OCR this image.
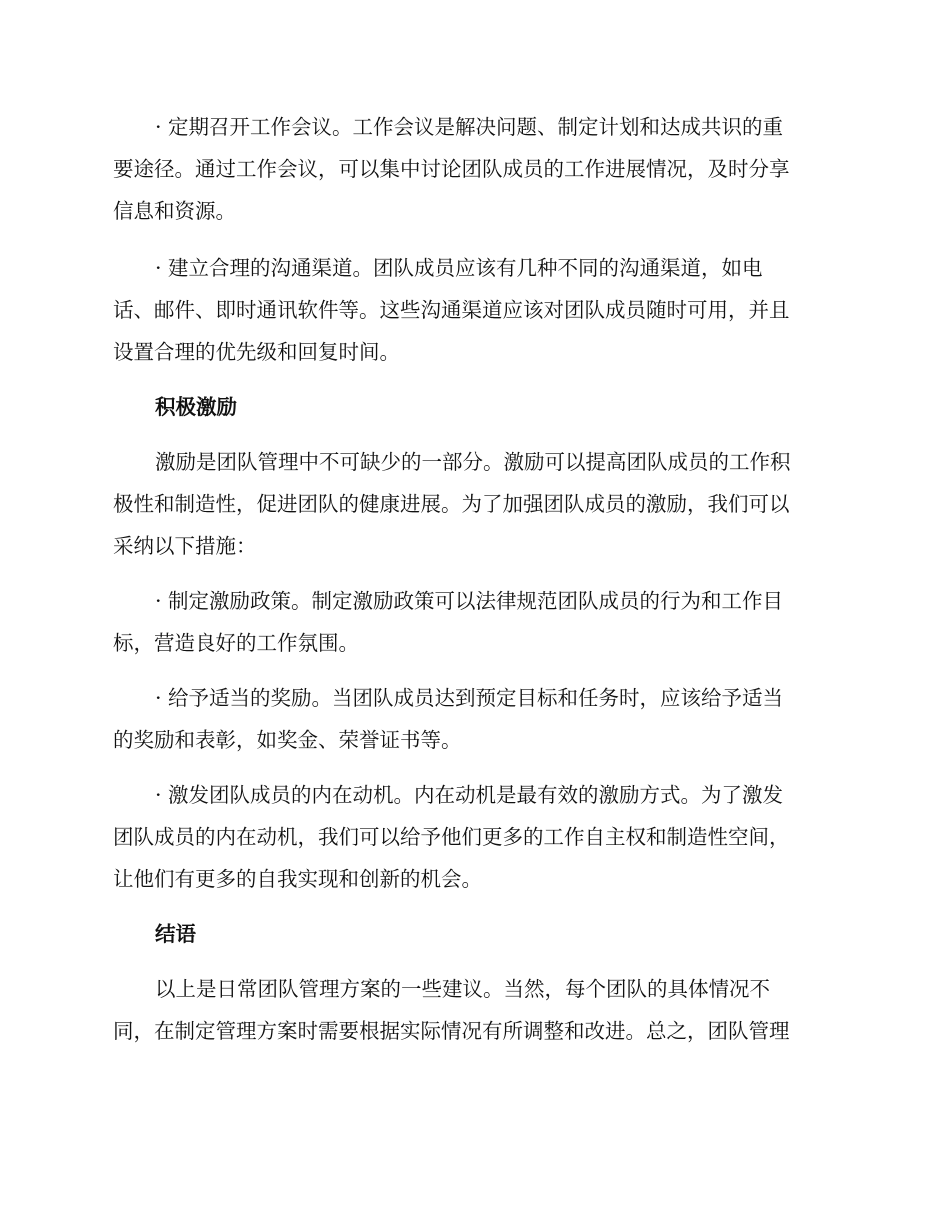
· 定期召开工作会议。工作会议是解决问题、制定计划和达成共识的重
要途径。通过工作会议，可以集中讨论团队成员的工作进展情况，及时分享
信息和资源。
· 建立合理的沟通渠道。团队成员应该有几种不同的沟通渠道，如电
话、邮件、即时通讯软件等。这些沟通渠道应该对团队成员随时可用，并且
设置合理的优先级和回复时间。
积极激励
激励是团队管理中不可缺少的一部分。激励可以提高团队成员的工作积
极性和制造性，促进团队的健康进展。为了加强团队成员的激励，我们可以
采纳以下措施：
· 制定激励政策。制定激励政策可以法律规范团队成员的行为和工作目
标，营造良好的工作氛围。
· 给予适当的奖励。当团队成员达到预定目标和任务时，应该给予适当
的奖励和表彰，如奖金、荣誉证书等。
· 激发团队成员的内在动机。内在动机是最有效的激励方式。为了激发
团队成员的内在动机，我们可以给予他们更多的工作自主权和制造性空间，
让他们有更多的自我实现和创新的机会。
结语
以上是日常团队管理方案的一些建议。当然，每个团队的具体情况不
同，在制定管理方案时需要根据实际情况有所调整和改进。总之，团队管理
